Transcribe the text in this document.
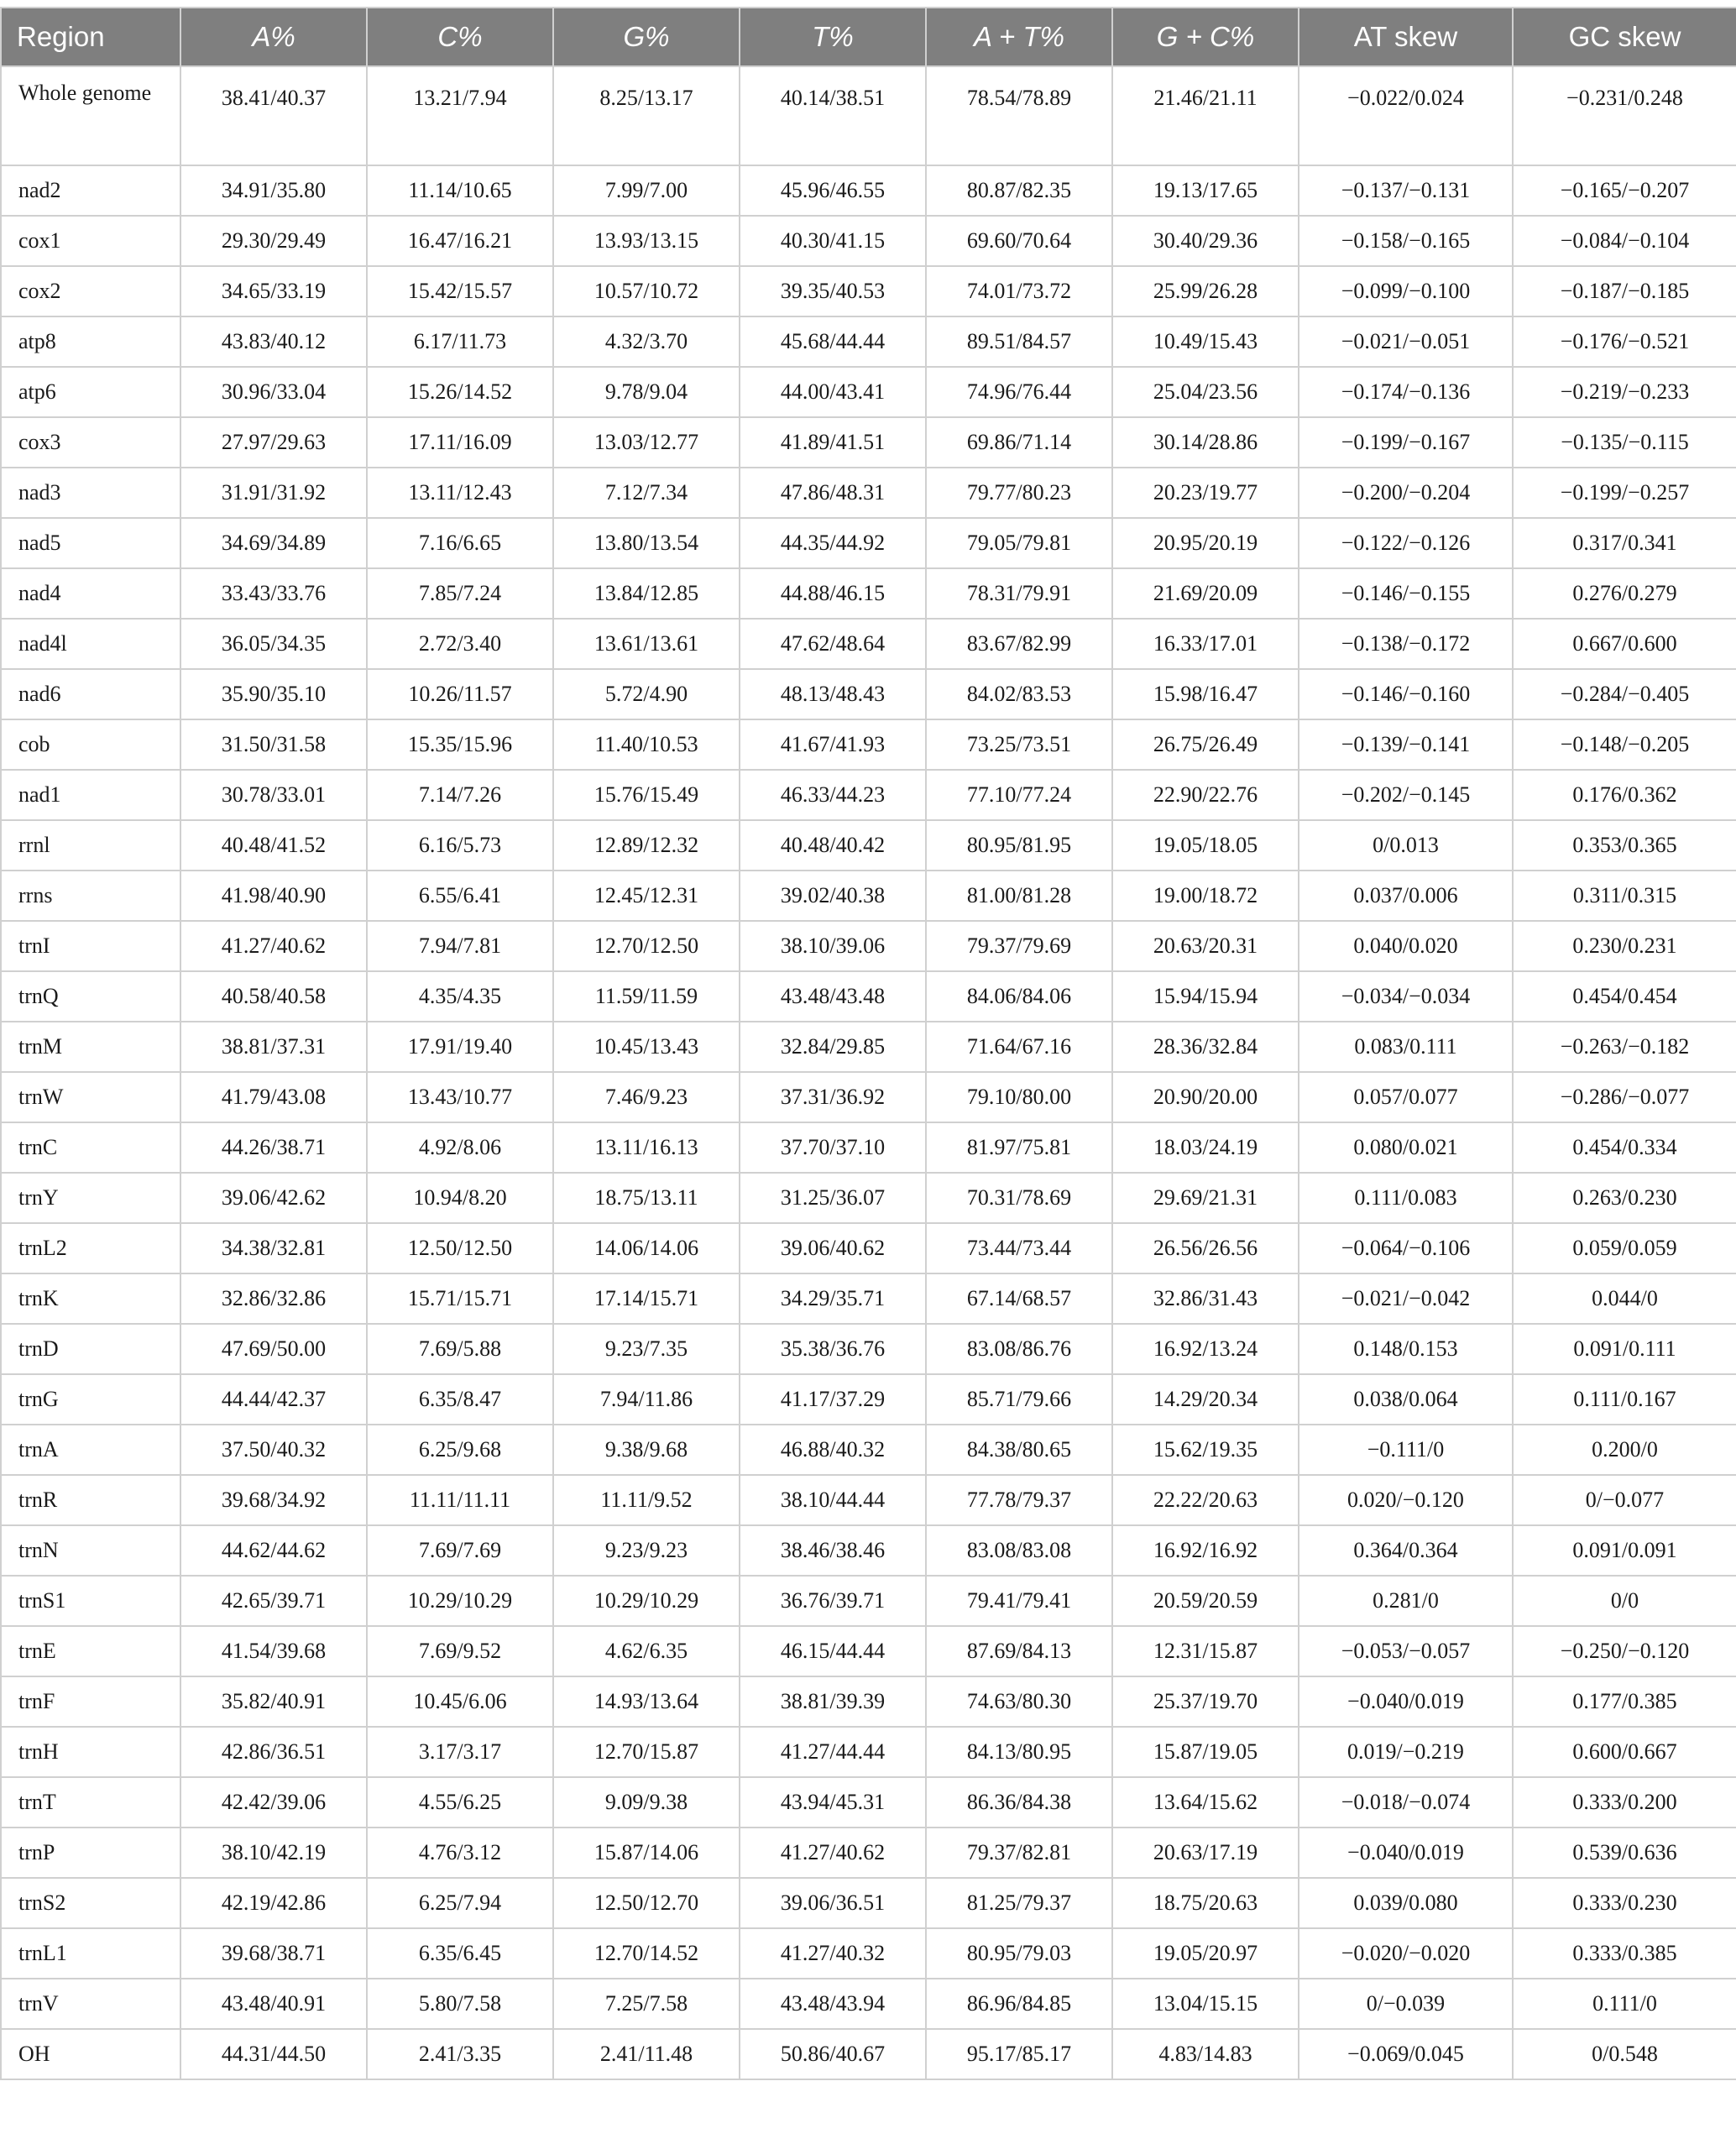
Region	A%	C%	G%	T%	A + T%	G + C%	AT skew	GC skew
Whole genome	38.41/40.37	13.21/7.94	8.25/13.17	40.14/38.51	78.54/78.89	21.46/21.11	−0.022/0.024	−0.231/0.248
nad2	34.91/35.80	11.14/10.65	7.99/7.00	45.96/46.55	80.87/82.35	19.13/17.65	−0.137/−0.131	−0.165/−0.207
cox1	29.30/29.49	16.47/16.21	13.93/13.15	40.30/41.15	69.60/70.64	30.40/29.36	−0.158/−0.165	−0.084/−0.104
cox2	34.65/33.19	15.42/15.57	10.57/10.72	39.35/40.53	74.01/73.72	25.99/26.28	−0.099/−0.100	−0.187/−0.185
atp8	43.83/40.12	6.17/11.73	4.32/3.70	45.68/44.44	89.51/84.57	10.49/15.43	−0.021/−0.051	−0.176/−0.521
atp6	30.96/33.04	15.26/14.52	9.78/9.04	44.00/43.41	74.96/76.44	25.04/23.56	−0.174/−0.136	−0.219/−0.233
cox3	27.97/29.63	17.11/16.09	13.03/12.77	41.89/41.51	69.86/71.14	30.14/28.86	−0.199/−0.167	−0.135/−0.115
nad3	31.91/31.92	13.11/12.43	7.12/7.34	47.86/48.31	79.77/80.23	20.23/19.77	−0.200/−0.204	−0.199/−0.257
nad5	34.69/34.89	7.16/6.65	13.80/13.54	44.35/44.92	79.05/79.81	20.95/20.19	−0.122/−0.126	0.317/0.341
nad4	33.43/33.76	7.85/7.24	13.84/12.85	44.88/46.15	78.31/79.91	21.69/20.09	−0.146/−0.155	0.276/0.279
nad4l	36.05/34.35	2.72/3.40	13.61/13.61	47.62/48.64	83.67/82.99	16.33/17.01	−0.138/−0.172	0.667/0.600
nad6	35.90/35.10	10.26/11.57	5.72/4.90	48.13/48.43	84.02/83.53	15.98/16.47	−0.146/−0.160	−0.284/−0.405
cob	31.50/31.58	15.35/15.96	11.40/10.53	41.67/41.93	73.25/73.51	26.75/26.49	−0.139/−0.141	−0.148/−0.205
nad1	30.78/33.01	7.14/7.26	15.76/15.49	46.33/44.23	77.10/77.24	22.90/22.76	−0.202/−0.145	0.176/0.362
rrnl	40.48/41.52	6.16/5.73	12.89/12.32	40.48/40.42	80.95/81.95	19.05/18.05	0/0.013	0.353/0.365
rrns	41.98/40.90	6.55/6.41	12.45/12.31	39.02/40.38	81.00/81.28	19.00/18.72	0.037/0.006	0.311/0.315
trnI	41.27/40.62	7.94/7.81	12.70/12.50	38.10/39.06	79.37/79.69	20.63/20.31	0.040/0.020	0.230/0.231
trnQ	40.58/40.58	4.35/4.35	11.59/11.59	43.48/43.48	84.06/84.06	15.94/15.94	−0.034/−0.034	0.454/0.454
trnM	38.81/37.31	17.91/19.40	10.45/13.43	32.84/29.85	71.64/67.16	28.36/32.84	0.083/0.111	−0.263/−0.182
trnW	41.79/43.08	13.43/10.77	7.46/9.23	37.31/36.92	79.10/80.00	20.90/20.00	0.057/0.077	−0.286/−0.077
trnC	44.26/38.71	4.92/8.06	13.11/16.13	37.70/37.10	81.97/75.81	18.03/24.19	0.080/0.021	0.454/0.334
trnY	39.06/42.62	10.94/8.20	18.75/13.11	31.25/36.07	70.31/78.69	29.69/21.31	0.111/0.083	0.263/0.230
trnL2	34.38/32.81	12.50/12.50	14.06/14.06	39.06/40.62	73.44/73.44	26.56/26.56	−0.064/−0.106	0.059/0.059
trnK	32.86/32.86	15.71/15.71	17.14/15.71	34.29/35.71	67.14/68.57	32.86/31.43	−0.021/−0.042	0.044/0
trnD	47.69/50.00	7.69/5.88	9.23/7.35	35.38/36.76	83.08/86.76	16.92/13.24	0.148/0.153	0.091/0.111
trnG	44.44/42.37	6.35/8.47	7.94/11.86	41.17/37.29	85.71/79.66	14.29/20.34	0.038/0.064	0.111/0.167
trnA	37.50/40.32	6.25/9.68	9.38/9.68	46.88/40.32	84.38/80.65	15.62/19.35	−0.111/0	0.200/0
trnR	39.68/34.92	11.11/11.11	11.11/9.52	38.10/44.44	77.78/79.37	22.22/20.63	0.020/−0.120	0/−0.077
trnN	44.62/44.62	7.69/7.69	9.23/9.23	38.46/38.46	83.08/83.08	16.92/16.92	0.364/0.364	0.091/0.091
trnS1	42.65/39.71	10.29/10.29	10.29/10.29	36.76/39.71	79.41/79.41	20.59/20.59	0.281/0	0/0
trnE	41.54/39.68	7.69/9.52	4.62/6.35	46.15/44.44	87.69/84.13	12.31/15.87	−0.053/−0.057	−0.250/−0.120
trnF	35.82/40.91	10.45/6.06	14.93/13.64	38.81/39.39	74.63/80.30	25.37/19.70	−0.040/0.019	0.177/0.385
trnH	42.86/36.51	3.17/3.17	12.70/15.87	41.27/44.44	84.13/80.95	15.87/19.05	0.019/−0.219	0.600/0.667
trnT	42.42/39.06	4.55/6.25	9.09/9.38	43.94/45.31	86.36/84.38	13.64/15.62	−0.018/−0.074	0.333/0.200
trnP	38.10/42.19	4.76/3.12	15.87/14.06	41.27/40.62	79.37/82.81	20.63/17.19	−0.040/0.019	0.539/0.636
trnS2	42.19/42.86	6.25/7.94	12.50/12.70	39.06/36.51	81.25/79.37	18.75/20.63	0.039/0.080	0.333/0.230
trnL1	39.68/38.71	6.35/6.45	12.70/14.52	41.27/40.32	80.95/79.03	19.05/20.97	−0.020/−0.020	0.333/0.385
trnV	43.48/40.91	5.80/7.58	7.25/7.58	43.48/43.94	86.96/84.85	13.04/15.15	0/−0.039	0.111/0
OH	44.31/44.50	2.41/3.35	2.41/11.48	50.86/40.67	95.17/85.17	4.83/14.83	−0.069/0.045	0/0.548
